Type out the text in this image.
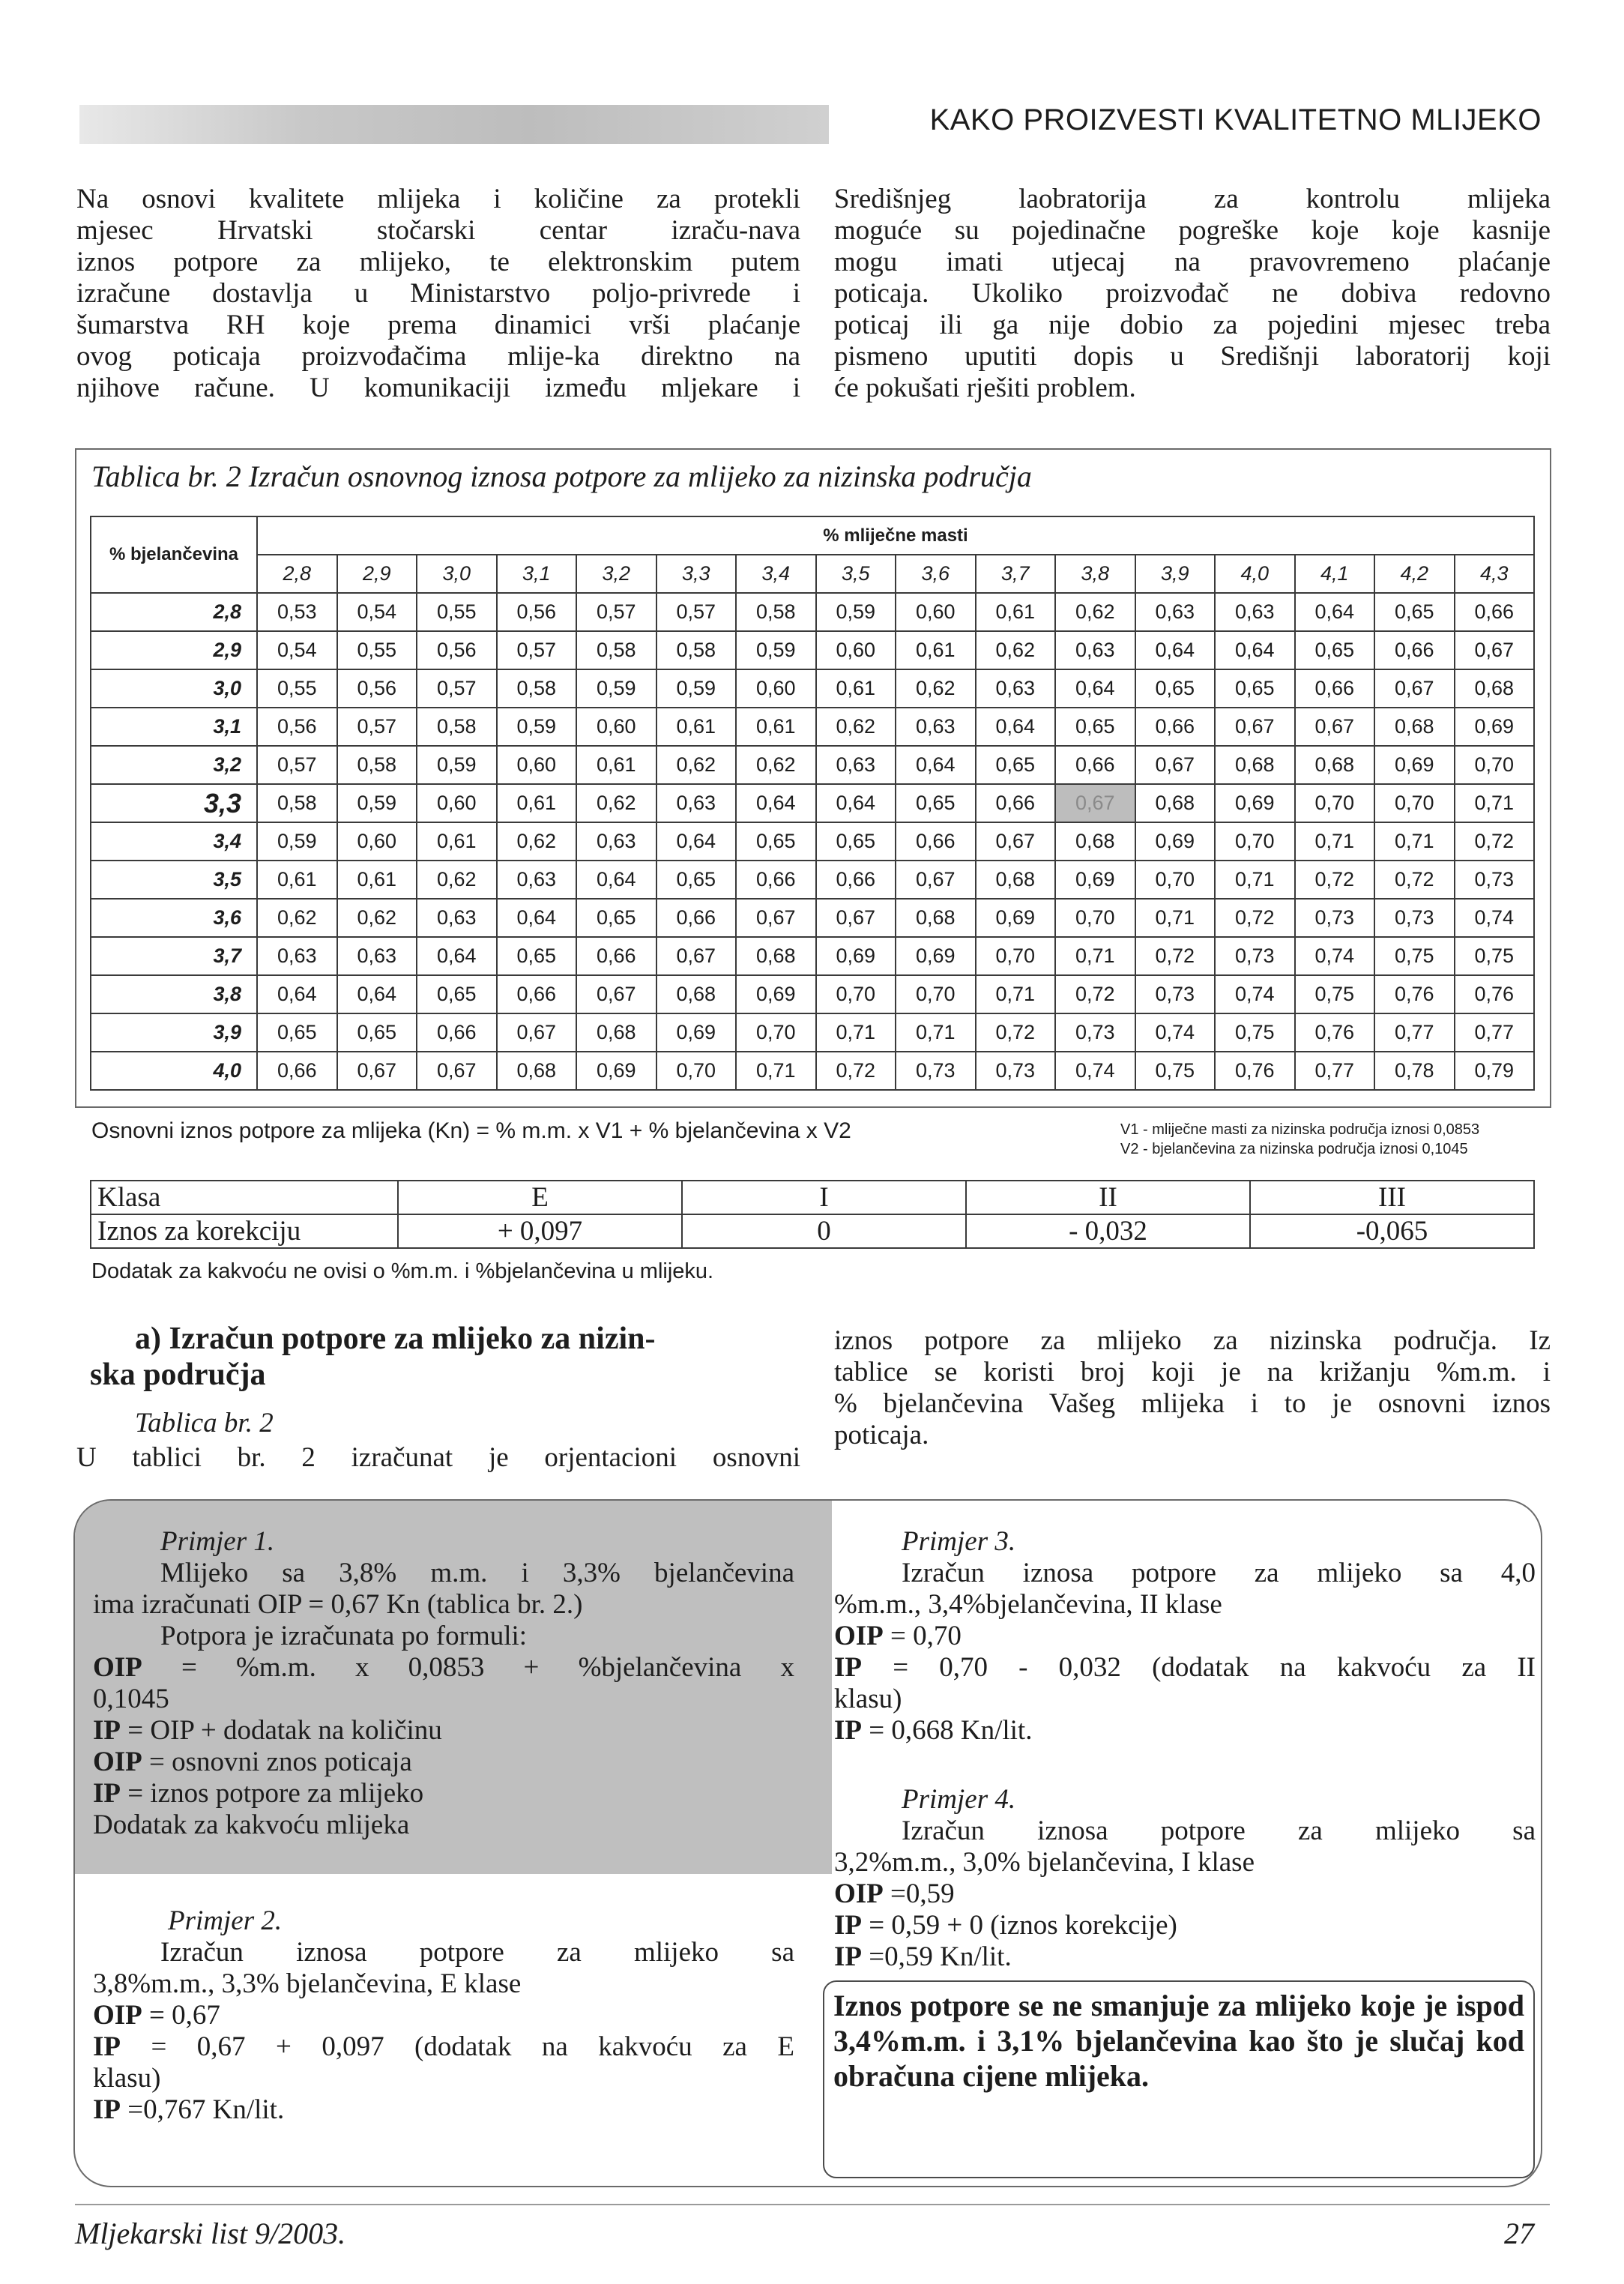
KAKO PROIZVESTI KVALITETNO MLIJEKO

Na osnovi kvalitete mlijeka i količine za protekli

mjesec Hrvatski stočarski centar izraču-nava

iznos potpore za mlijeko, te elektronskim putem

izračune dostavlja u Ministarstvo poljo-privrede i

šumarstva RH koje prema dinamici vrši plaćanje

ovog poticaja proizvođačima mlije-ka direktno na

njihove račune. U komunikaciji između mljekare i

Središnjeg laobratorija za kontrolu mlijeka

moguće su pojedinačne pogreške koje koje kasnije

mogu imati utjecaj na pravovremeno plaćanje

poticaja. Ukoliko proizvođač ne dobiva redovno

poticaj ili ga nije dobio za pojedini mjesec treba

pismeno uputiti dopis u Središnji laboratorij koji

će pokušati rješiti problem.

Tablica br. 2 Izračun osnovnog iznosa potpore za mlijeko za nizinska područja
% bjelančevina	% mliječne masti															
	2,8	2,9	3,0	3,1	3,2	3,3	3,4	3,5	3,6	3,7	3,8	3,9	4,0	4,1	4,2	4,3
2,8	0,53	0,54	0,55	0,56	0,57	0,57	0,58	0,59	0,60	0,61	0,62	0,63	0,63	0,64	0,65	0,66
2,9	0,54	0,55	0,56	0,57	0,58	0,58	0,59	0,60	0,61	0,62	0,63	0,64	0,64	0,65	0,66	0,67
3,0	0,55	0,56	0,57	0,58	0,59	0,59	0,60	0,61	0,62	0,63	0,64	0,65	0,65	0,66	0,67	0,68
3,1	0,56	0,57	0,58	0,59	0,60	0,61	0,61	0,62	0,63	0,64	0,65	0,66	0,67	0,67	0,68	0,69
3,2	0,57	0,58	0,59	0,60	0,61	0,62	0,62	0,63	0,64	0,65	0,66	0,67	0,68	0,68	0,69	0,70
3,3	0,58	0,59	0,60	0,61	0,62	0,63	0,64	0,64	0,65	0,66	0,67	0,68	0,69	0,70	0,70	0,71
3,4	0,59	0,60	0,61	0,62	0,63	0,64	0,65	0,65	0,66	0,67	0,68	0,69	0,70	0,71	0,71	0,72
3,5	0,61	0,61	0,62	0,63	0,64	0,65	0,66	0,66	0,67	0,68	0,69	0,70	0,71	0,72	0,72	0,73
3,6	0,62	0,62	0,63	0,64	0,65	0,66	0,67	0,67	0,68	0,69	0,70	0,71	0,72	0,73	0,73	0,74
3,7	0,63	0,63	0,64	0,65	0,66	0,67	0,68	0,69	0,69	0,70	0,71	0,72	0,73	0,74	0,75	0,75
3,8	0,64	0,64	0,65	0,66	0,67	0,68	0,69	0,70	0,70	0,71	0,72	0,73	0,74	0,75	0,76	0,76
3,9	0,65	0,65	0,66	0,67	0,68	0,69	0,70	0,71	0,71	0,72	0,73	0,74	0,75	0,76	0,77	0,77
4,0	0,66	0,67	0,67	0,68	0,69	0,70	0,71	0,72	0,73	0,73	0,74	0,75	0,76	0,77	0,78	0,79
Osnovni iznos potpore za mlijeka (Kn) = % m.m. x V1 + % bjelančevina x V2	V1 - mliječne masti za nizinska područja iznosi 0,0853
V2 - bjelančevina za nizinska područja iznosi 0,1045
Klasa	E	I	II	III
Iznos za korekciju	+ 0,097	0	- 0,032	-0,065
Dodatak za kakvoću ne ovisi o %m.m. i %bjelančevina u mlijeku.
a) Izračun potpore za mlijeko za nizin-
ska područja
Tablica br. 2
U tablici br. 2 izračunat je orjentacioni osnovni

iznos potpore za mlijeko za nizinska područja. Iz

tablice se koristi broj koji je na križanju %m.m. i

% bjelančevina Vašeg mlijeka i to je osnovni iznos

poticaja.

Primjer 1.

Mlijeko sa 3,8% m.m. i 3,3% bjelančevina

ima izračunati OIP = 0,67 Kn (tablica br. 2.)

Potpora je izračunata po formuli:

OIP = %m.m. x 0,0853 + %bjelančevina x

0,1045

IP = OIP + dodatak na količinu

OIP = osnovni znos poticaja

IP = iznos potpore za mlijeko

Dodatak za kakvoću mlijeka

Primjer 2.

Izračun iznosa potpore za mlijeko sa

3,8%m.m., 3,3% bjelančevina, E klase

OIP = 0,67

IP = 0,67 + 0,097 (dodatak na kakvoću za E

klasu)

IP =0,767 Kn/lit.

Primjer 3.

Izračun iznosa potpore za mlijeko sa 4,0

%m.m., 3,4%bjelančevina, II klase

OIP = 0,70

IP = 0,70 - 0,032 (dodatak na kakvoću za II

klasu)

IP = 0,668 Kn/lit.

Primjer 4.

Izračun iznosa potpore za mlijeko sa

3,2%m.m., 3,0% bjelančevina, I klase

OIP =0,59

IP = 0,59 + 0 (iznos korekcije)

IP =0,59 Kn/lit.

Iznos potpore se ne smanjuje za mlijeko koje je ispod 3,4%m.m. i 3,1% bjelančevina kao što je slučaj kod obračuna cijene mlijeka.
Mljekarski list 9/2003.	27
